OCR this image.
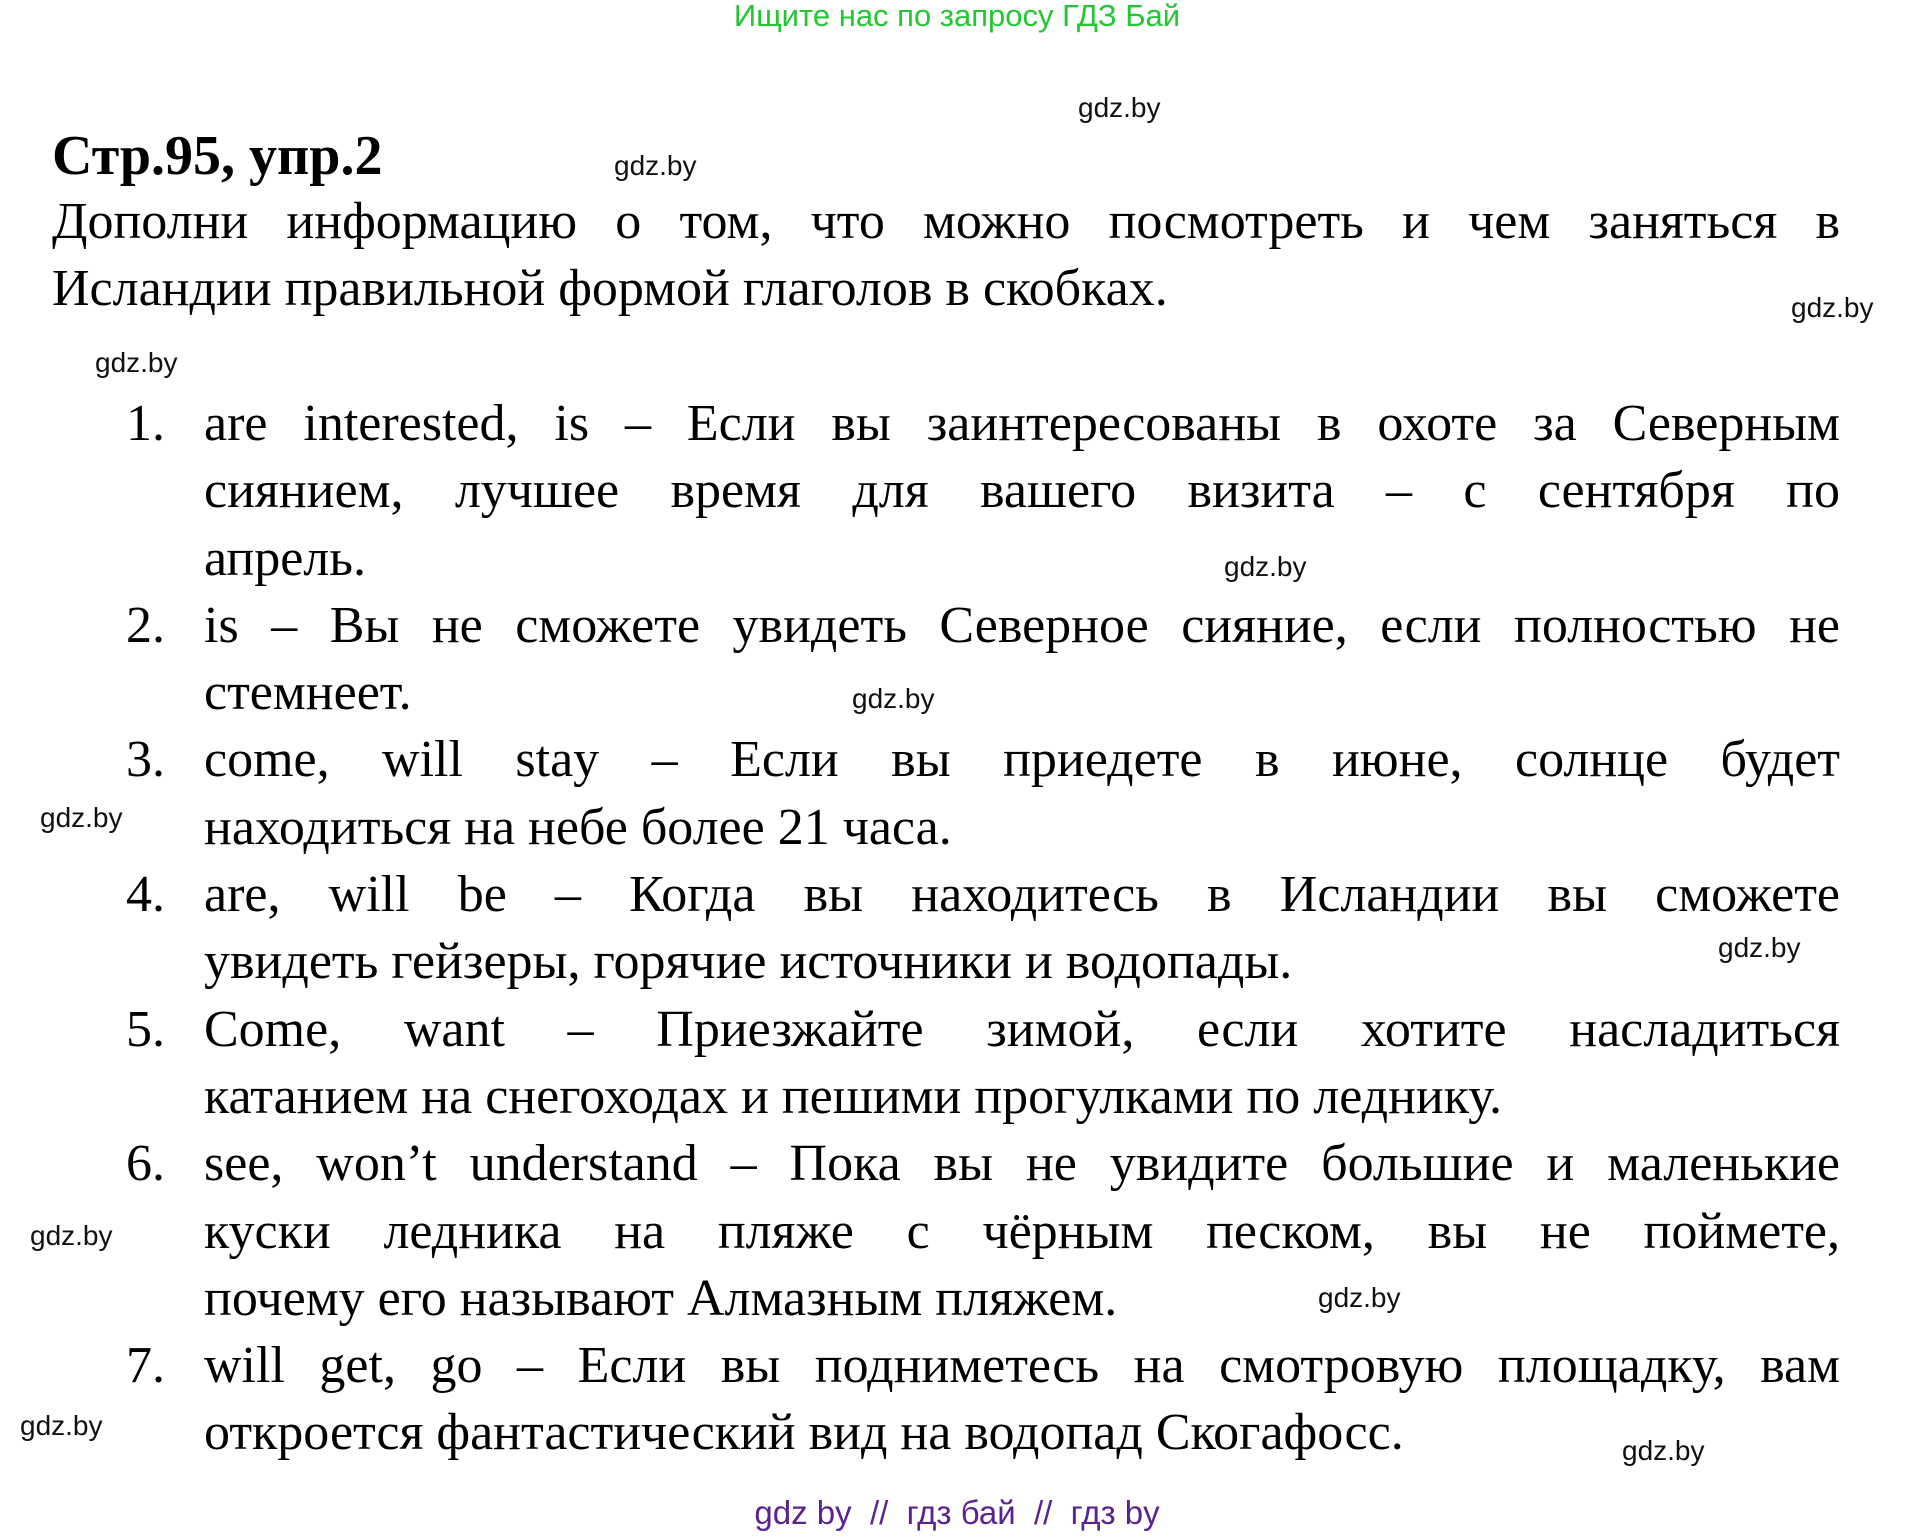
Ищите нас по запросу ГДЗ Бай
Стр.95, упр.2
Дополни информацию о том, что можно посмотреть и чем заняться в
Исландии правильной формой глаголов в скобках.
1. are interested, is – Если вы заинтересованы в охоте за Северным
сиянием, лучшее время для вашего визита – с сентября по
апрель.
2. is – Вы не сможете увидеть Северное сияние, если полностью не
стемнеет.
3. come, will stay – Если вы приедете в июне, солнце будет
находиться на небе более 21 часа.
4. are, will be – Когда вы находитесь в Исландии вы сможете
увидеть гейзеры, горячие источники и водопады.
5. Come, want – Приезжайте зимой, если хотите насладиться
катанием на снегоходах и пешими прогулками по леднику.
6. see, won’t understand – Пока вы не увидите большие и маленькие
куски ледника на пляже с чёрным песком, вы не поймете,
почему его называют Алмазным пляжем.
7. will get, go – Если вы подниметесь на смотровую площадку, вам
откроется фантастический вид на водопад Скогафосс.
gdz.by
gdz.by
gdz.by
gdz.by
gdz.by
gdz.by
gdz.by
gdz.by
gdz.by
gdz.by
gdz.by
gdz.by
gdz by  //  гдз бай  //  гдз by
